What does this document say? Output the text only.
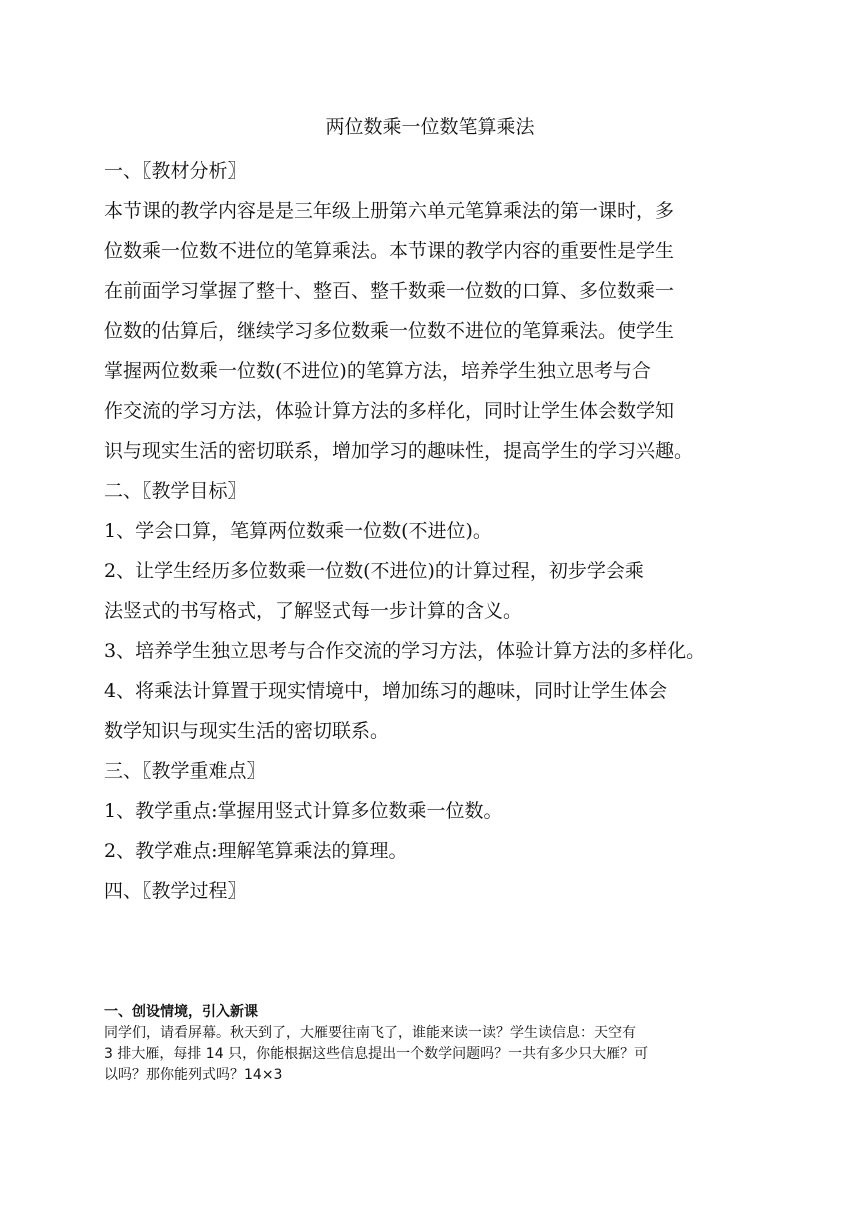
两位数乘一位数笔算乘法
一、〖教材分析〗
本节课的教学内容是是三年级上册第六单元笔算乘法的第一课时，多
位数乘一位数不进位的笔算乘法。本节课的教学内容的重要性是学生
在前面学习掌握了整十、整百、整千数乘一位数的口算、多位数乘一
位数的估算后，继续学习多位数乘一位数不进位的笔算乘法。使学生
掌握两位数乘一位数(不进位)的笔算方法，培养学生独立思考与合
作交流的学习方法，体验计算方法的多样化，同时让学生体会数学知
识与现实生活的密切联系，增加学习的趣味性，提高学生的学习兴趣。
二、〖教学目标〗
1、学会口算，笔算两位数乘一位数(不进位)。
2、让学生经历多位数乘一位数(不进位)的计算过程，初步学会乘
法竖式的书写格式，了解竖式每一步计算的含义。
3、培养学生独立思考与合作交流的学习方法，体验计算方法的多样化。
4、将乘法计算置于现实情境中，增加练习的趣味，同时让学生体会
数学知识与现实生活的密切联系。
三、〖教学重难点〗
1、教学重点:掌握用竖式计算多位数乘一位数。
2、教学难点:理解笔算乘法的算理。
四、〖教学过程〗
一、创设情境，引入新课
同学们，请看屏幕。秋天到了，大雁要往南飞了，谁能来读一读？学生读信息：天空有
3 排大雁，每排 14 只，你能根据这些信息提出一个数学问题吗？一共有多少只大雁？可
以吗？那你能列式吗？14×3
